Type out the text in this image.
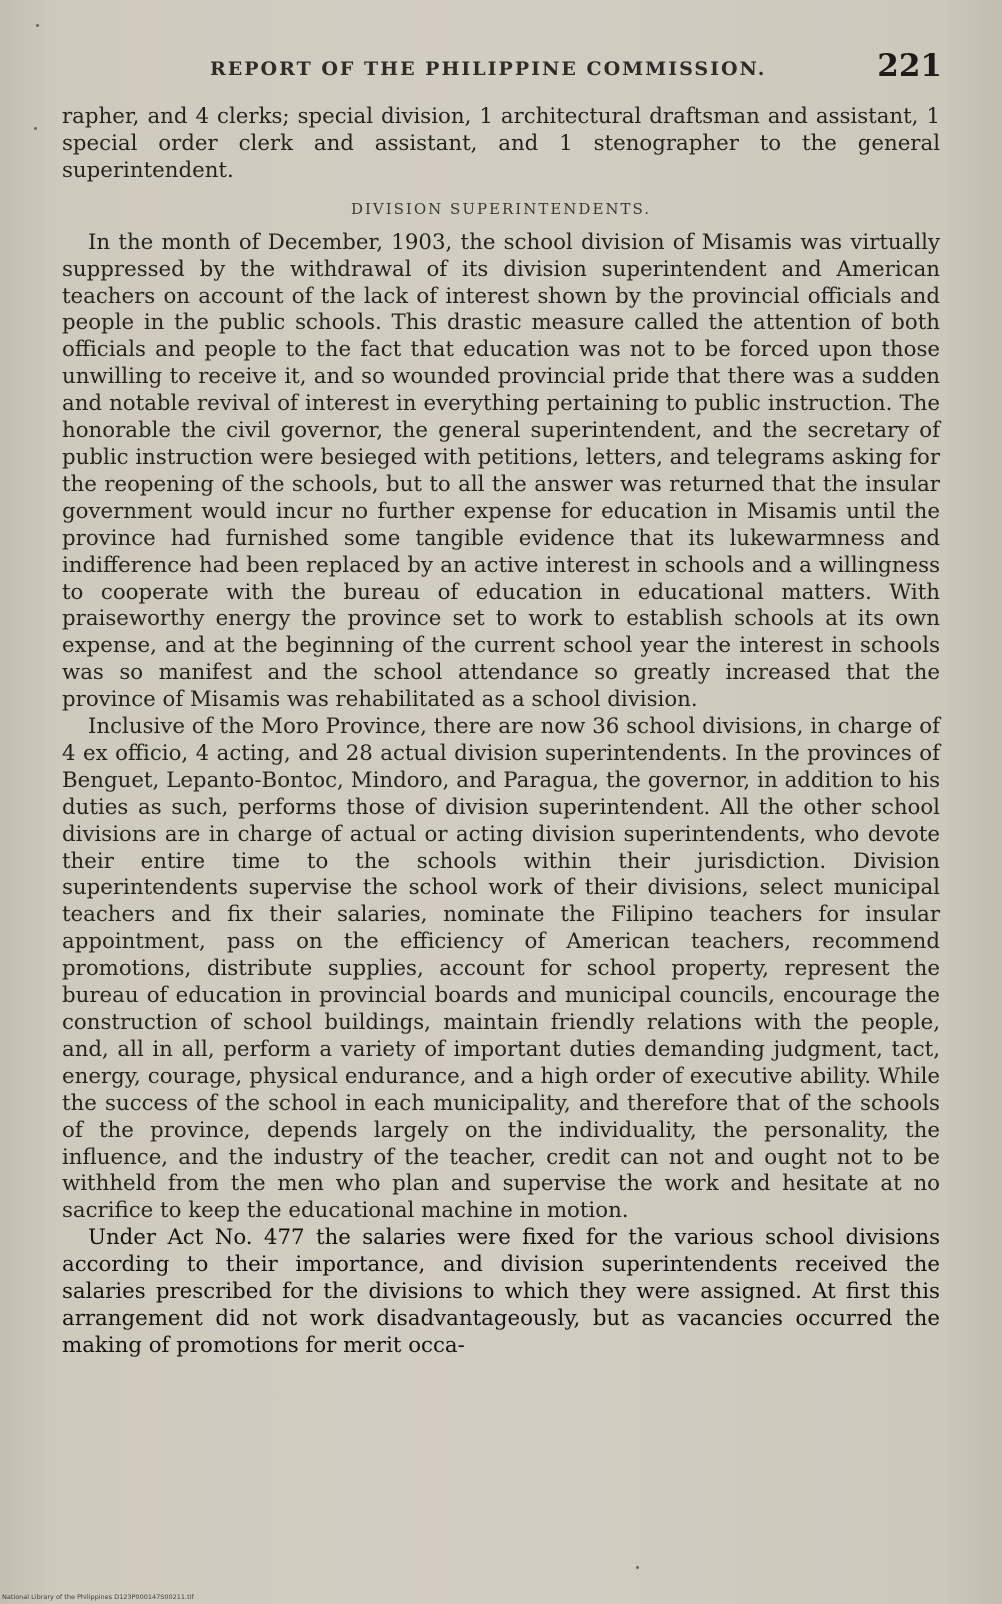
REPORT OF THE PHILIPPINE COMMISSION.	221

rapher, and 4 clerks; special division, 1 architectural draftsman and assistant, 1 special order clerk and assistant, and 1 stenographer to the general superintendent.

DIVISION SUPERINTENDENTS.

In the month of December, 1903, the school division of Misamis was virtually suppressed by the withdrawal of its division superintendent and American teachers on account of the lack of interest shown by the provincial officials and people in the public schools. This drastic measure called the attention of both officials and people to the fact that education was not to be forced upon those unwilling to receive it, and so wounded provincial pride that there was a sudden and notable revival of interest in everything pertaining to public instruction. The honorable the civil governor, the general superintendent, and the secretary of public instruction were besieged with petitions, letters, and telegrams asking for the reopening of the schools, but to all the answer was returned that the insular government would incur no further expense for education in Misamis until the province had furnished some tangible evidence that its lukewarmness and indifference had been replaced by an active interest in schools and a willingness to cooperate with the bureau of education in educational matters. With praiseworthy energy the province set to work to establish schools at its own expense, and at the beginning of the current school year the interest in schools was so manifest and the school attendance so greatly increased that the province of Misamis was rehabilitated as a school division.

Inclusive of the Moro Province, there are now 36 school divisions, in charge of 4 ex officio, 4 acting, and 28 actual division superintendents. In the provinces of Benguet, Lepanto-Bontoc, Mindoro, and Paragua, the governor, in addition to his duties as such, performs those of division superintendent. All the other school divisions are in charge of actual or acting division superintendents, who devote their entire time to the schools within their jurisdiction. Division superintendents supervise the school work of their divisions, select municipal teachers and fix their salaries, nominate the Filipino teachers for insular appointment, pass on the efficiency of American teachers, recommend promotions, distribute supplies, account for school property, represent the bureau of education in provincial boards and municipal councils, encourage the construction of school buildings, maintain friendly relations with the people, and, all in all, perform a variety of important duties demanding judgment, tact, energy, courage, physical endurance, and a high order of executive ability. While the success of the school in each municipality, and therefore that of the schools of the province, depends largely on the individuality, the personality, the influence, and the industry of the teacher, credit can not and ought not to be withheld from the men who plan and supervise the work and hesitate at no sacrifice to keep the educational machine in motion.

Under Act No. 477 the salaries were fixed for the various school divisions according to their importance, and division superintendents received the salaries prescribed for the divisions to which they were assigned. At first this arrangement did not work disadvantageously, but as vacancies occurred the making of promotions for merit occa-

National Library of the Philippines D123P000147S00211.tif
